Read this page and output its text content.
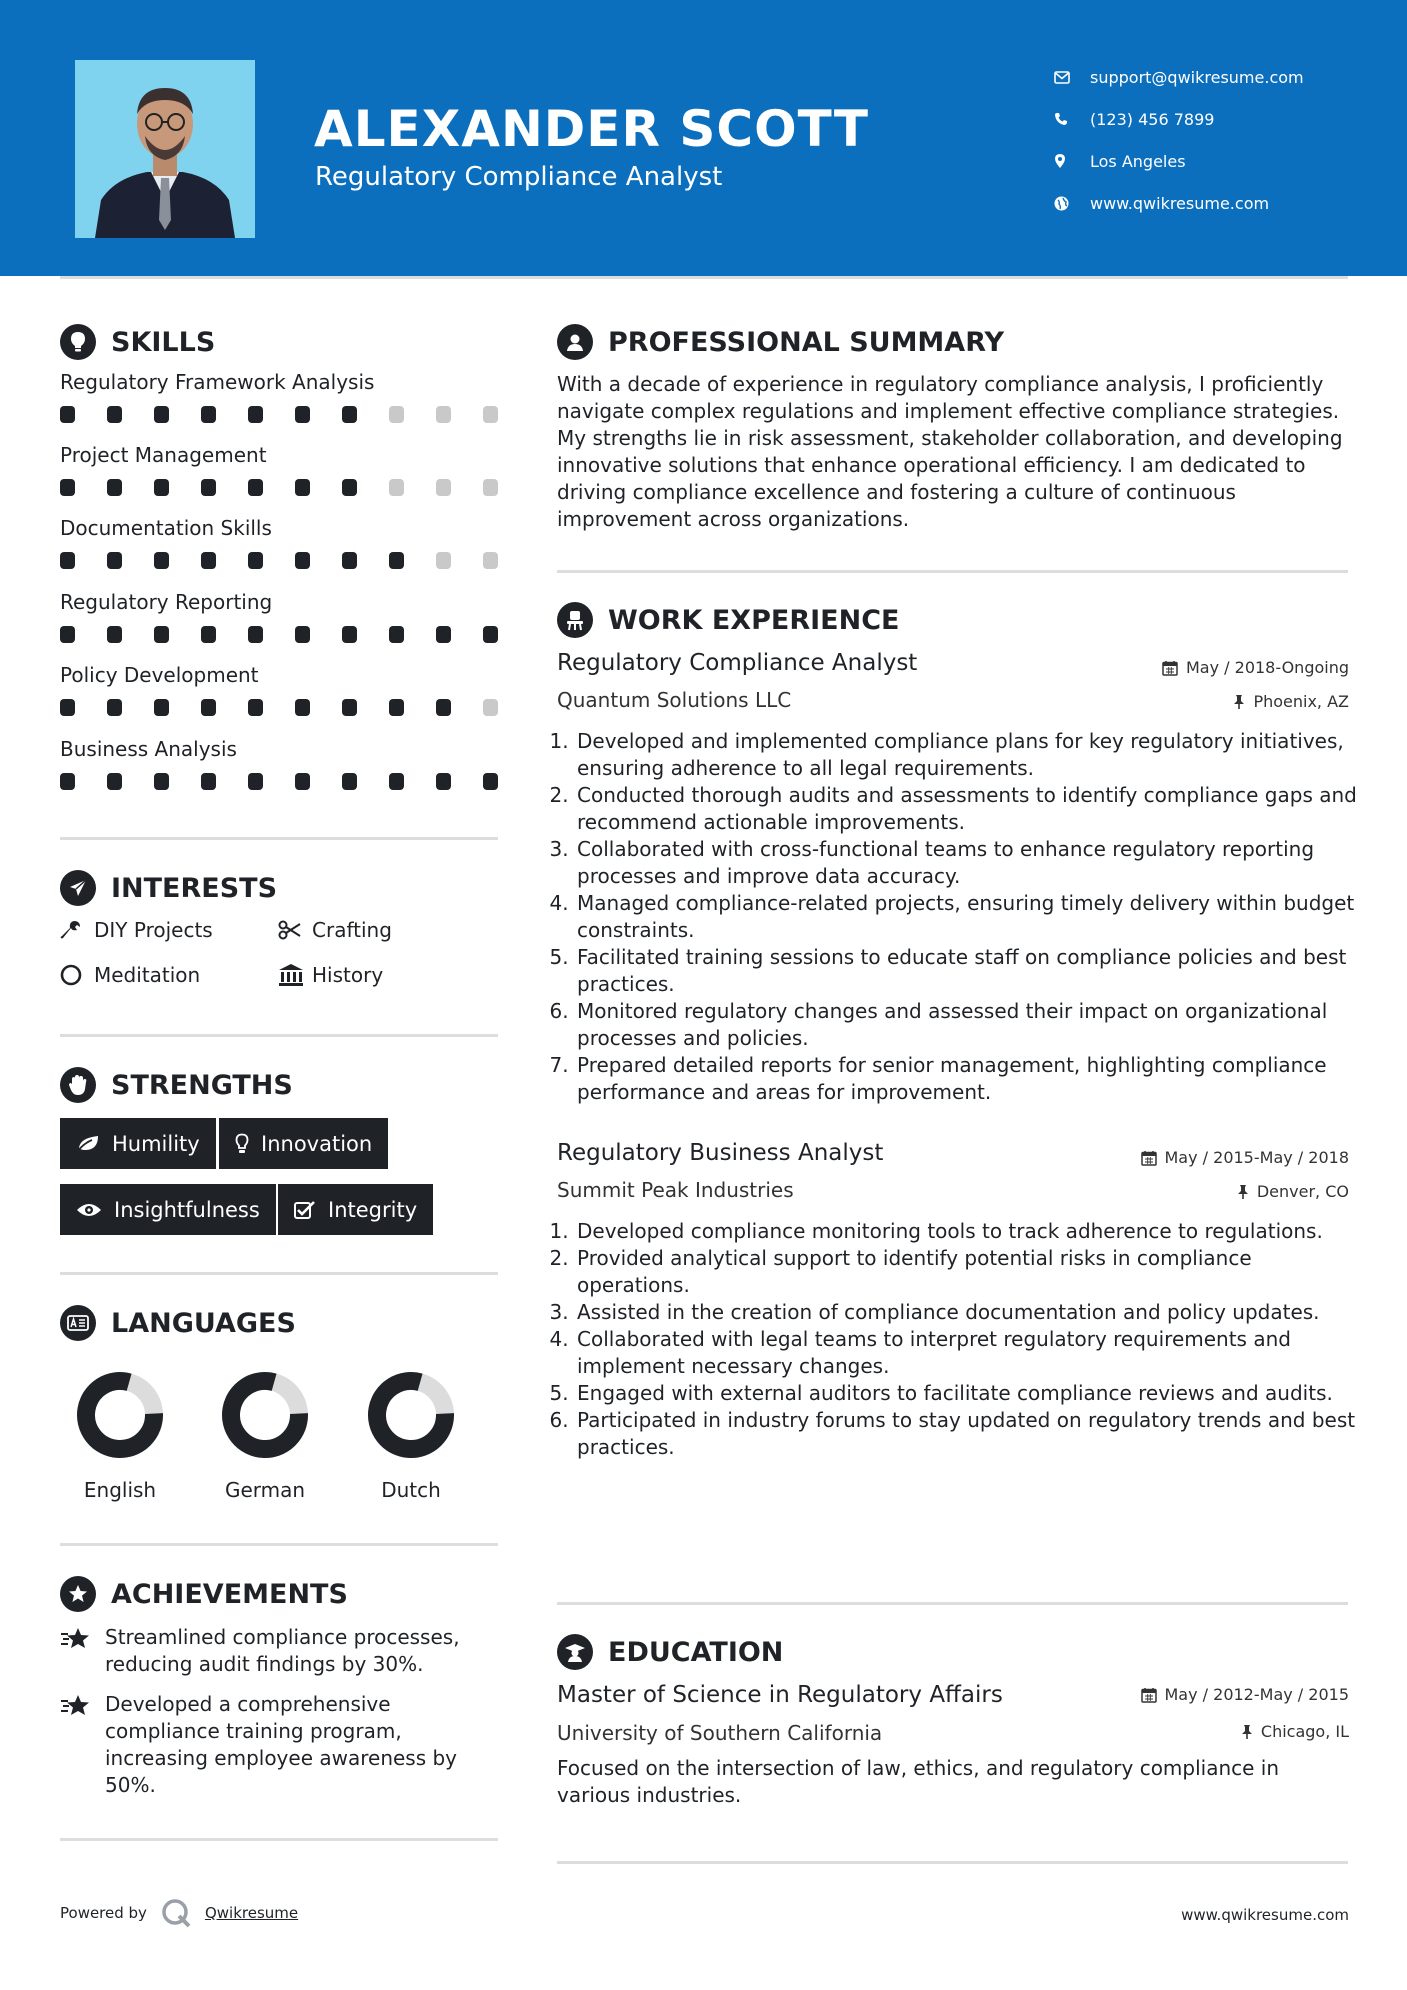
ALEXANDER SCOTT
Regulatory Compliance Analyst
support@qwikresume.com
(123) 456 7899
Los Angeles
www.qwikresume.com
SKILLS
Regulatory Framework Analysis
Project Management
Documentation Skills
Regulatory Reporting
Policy Development
Business Analysis
INTERESTS
DIY Projects	Crafting
Meditation	History
STRENGTHS
Humility	Innovation
Insightfulness	Integrity
LANGUAGES
English	German	Dutch
ACHIEVEMENTS
Streamlined compliance processes, reducing audit findings by 30%.
Developed a comprehensive compliance training program, increasing employee awareness by 50%.
PROFESSIONAL SUMMARY
With a decade of experience in regulatory compliance analysis, I proficiently navigate complex regulations and implement effective compliance strategies. My strengths lie in risk assessment, stakeholder collaboration, and developing innovative solutions that enhance operational efficiency. I am dedicated to driving compliance excellence and fostering a culture of continuous improvement across organizations.
WORK EXPERIENCE
Regulatory Compliance Analyst	May / 2018-Ongoing
Quantum Solutions LLC	Phoenix, AZ
1. Developed and implemented compliance plans for key regulatory initiatives, ensuring adherence to all legal requirements.
2. Conducted thorough audits and assessments to identify compliance gaps and recommend actionable improvements.
3. Collaborated with cross-functional teams to enhance regulatory reporting processes and improve data accuracy.
4. Managed compliance-related projects, ensuring timely delivery within budget constraints.
5. Facilitated training sessions to educate staff on compliance policies and best practices.
6. Monitored regulatory changes and assessed their impact on organizational processes and policies.
7. Prepared detailed reports for senior management, highlighting compliance performance and areas for improvement.
Regulatory Business Analyst	May / 2015-May / 2018
Summit Peak Industries	Denver, CO
1. Developed compliance monitoring tools to track adherence to regulations.
2. Provided analytical support to identify potential risks in compliance operations.
3. Assisted in the creation of compliance documentation and policy updates.
4. Collaborated with legal teams to interpret regulatory requirements and implement necessary changes.
5. Engaged with external auditors to facilitate compliance reviews and audits.
6. Participated in industry forums to stay updated on regulatory trends and best practices.
EDUCATION
Master of Science in Regulatory Affairs	May / 2012-May / 2015
University of Southern California	Chicago, IL
Focused on the intersection of law, ethics, and regulatory compliance in various industries.
Powered by	Qwikresume	www.qwikresume.com
